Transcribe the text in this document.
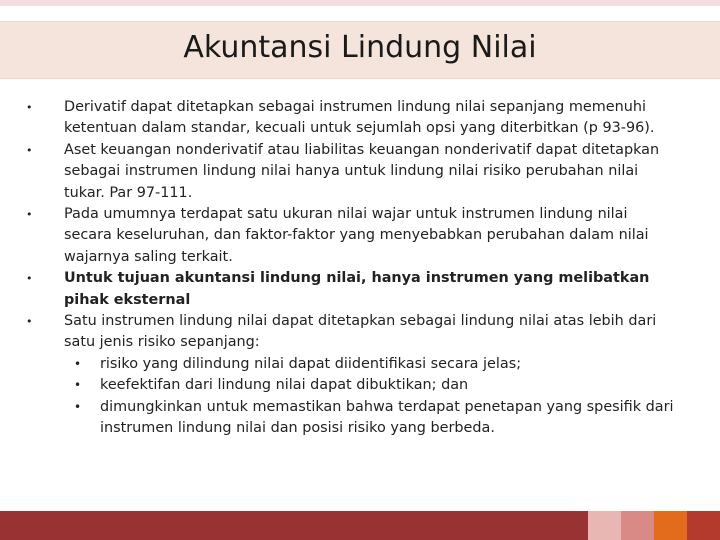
Akuntansi Lindung Nilai
• Derivatif dapat ditetapkan sebagai instrumen lindung nilai sepanjang memenuhi ketentuan dalam standar, kecuali untuk sejumlah opsi yang diterbitkan (p 93-96).
• Aset keuangan nonderivatif atau liabilitas keuangan nonderivatif dapat ditetapkan sebagai instrumen lindung nilai hanya untuk lindung nilai risiko perubahan nilai tukar. Par 97-111.
• Pada umumnya terdapat satu ukuran nilai wajar untuk instrumen lindung nilai secara keseluruhan, dan faktor-faktor yang menyebabkan perubahan dalam nilai wajarnya saling terkait.
• Untuk tujuan akuntansi lindung nilai, hanya instrumen yang melibatkan pihak eksternal
• Satu instrumen lindung nilai dapat ditetapkan sebagai lindung nilai atas lebih dari satu jenis risiko sepanjang:
• risiko yang dilindung nilai dapat diidentifikasi secara jelas;
• keefektifan dari lindung nilai dapat dibuktikan; dan
• dimungkinkan untuk memastikan bahwa terdapat penetapan yang spesifik dari instrumen lindung nilai dan posisi risiko yang berbeda.
